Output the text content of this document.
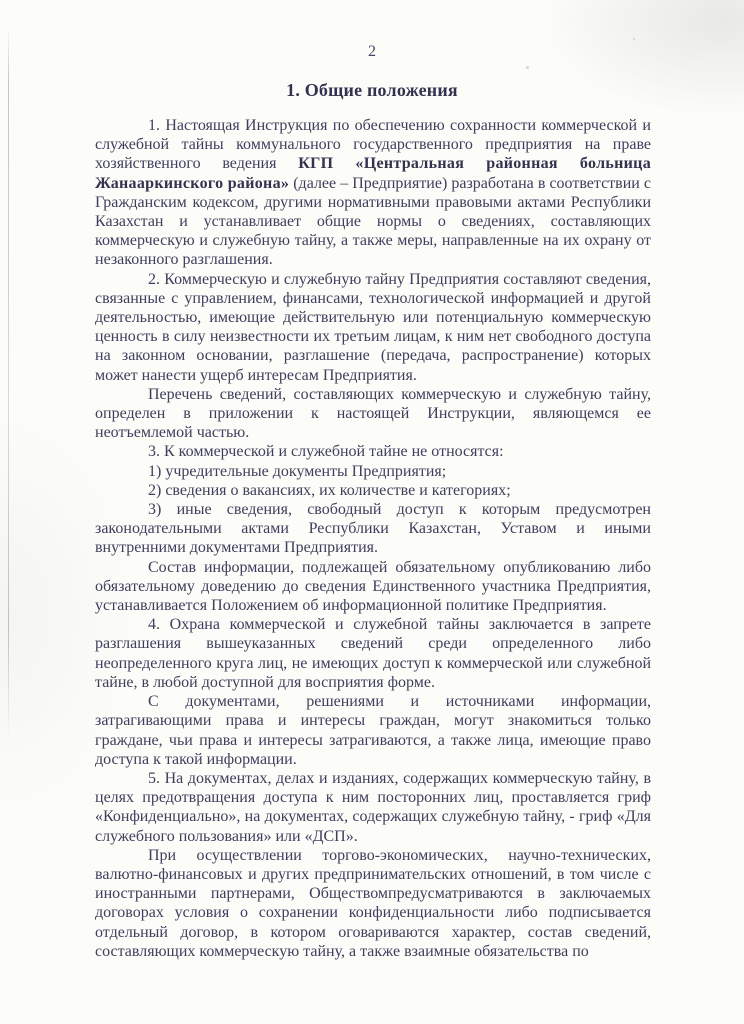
2
1. Общие положения

1. Настоящая Инструкция по обеспечению сохранности коммерческой и служебной тайны коммунального государственного предприятия на праве хозяйственного ведения КГП «Центральная районная больница Жанааркинского района» (далее – Предприятие) разработана в соответствии с Гражданским кодексом, другими нормативными правовыми актами Республики Казахстан и устанавливает общие нормы о сведениях, составляющих коммерческую и служебную тайну, а также меры, направленные на их охрану от незаконного разглашения.

2. Коммерческую и служебную тайну Предприятия составляют сведения, связанные с управлением, финансами, технологической информацией и другой деятельностью, имеющие действительную или потенциальную коммерческую ценность в силу неизвестности их третьим лицам, к ним нет свободного доступа на законном основании, разглашение (передача, распространение) которых может нанести ущерб интересам Предприятия.

Перечень сведений, составляющих коммерческую и служебную тайну, определен в приложении к настоящей Инструкции, являющемся ее неотъемлемой частью.

3. К коммерческой и служебной тайне не относятся:

1) учредительные документы Предприятия;

2) сведения о вакансиях, их количестве и категориях;

3) иные сведения, свободный доступ к которым предусмотрен законодательными актами Республики Казахстан, Уставом и иными внутренними документами Предприятия.

Состав информации, подлежащей обязательному опубликованию либо обязательному доведению до сведения Единственного участника Предприятия, устанавливается Положением об информационной политике Предприятия.

4. Охрана коммерческой и служебной тайны заключается в запрете разглашения вышеуказанных сведений среди определенного либо неопределенного круга лиц, не имеющих доступ к коммерческой или служебной тайне, в любой доступной для восприятия форме.

С документами, решениями и источниками информации, затрагивающими права и интересы граждан, могут знакомиться только граждане, чьи права и интересы затрагиваются, а также лица, имеющие право доступа к такой информации.

5. На документах, делах и изданиях, содержащих коммерческую тайну, в целях предотвращения доступа к ним посторонних лиц, проставляется гриф «Конфиденциально», на документах, содержащих служебную тайну, - гриф «Для служебного пользования» или «ДСП».

При осуществлении торгово-экономических, научно-технических, валютно-финансовых и других предпринимательских отношений, в том числе с иностранными партнерами, Обществомпредусматриваются в заключаемых договорах условия о сохранении конфиденциальности либо подписывается отдельный договор, в котором оговариваются характер, состав сведений, составляющих коммерческую тайну, а также взаимные обязательства по
